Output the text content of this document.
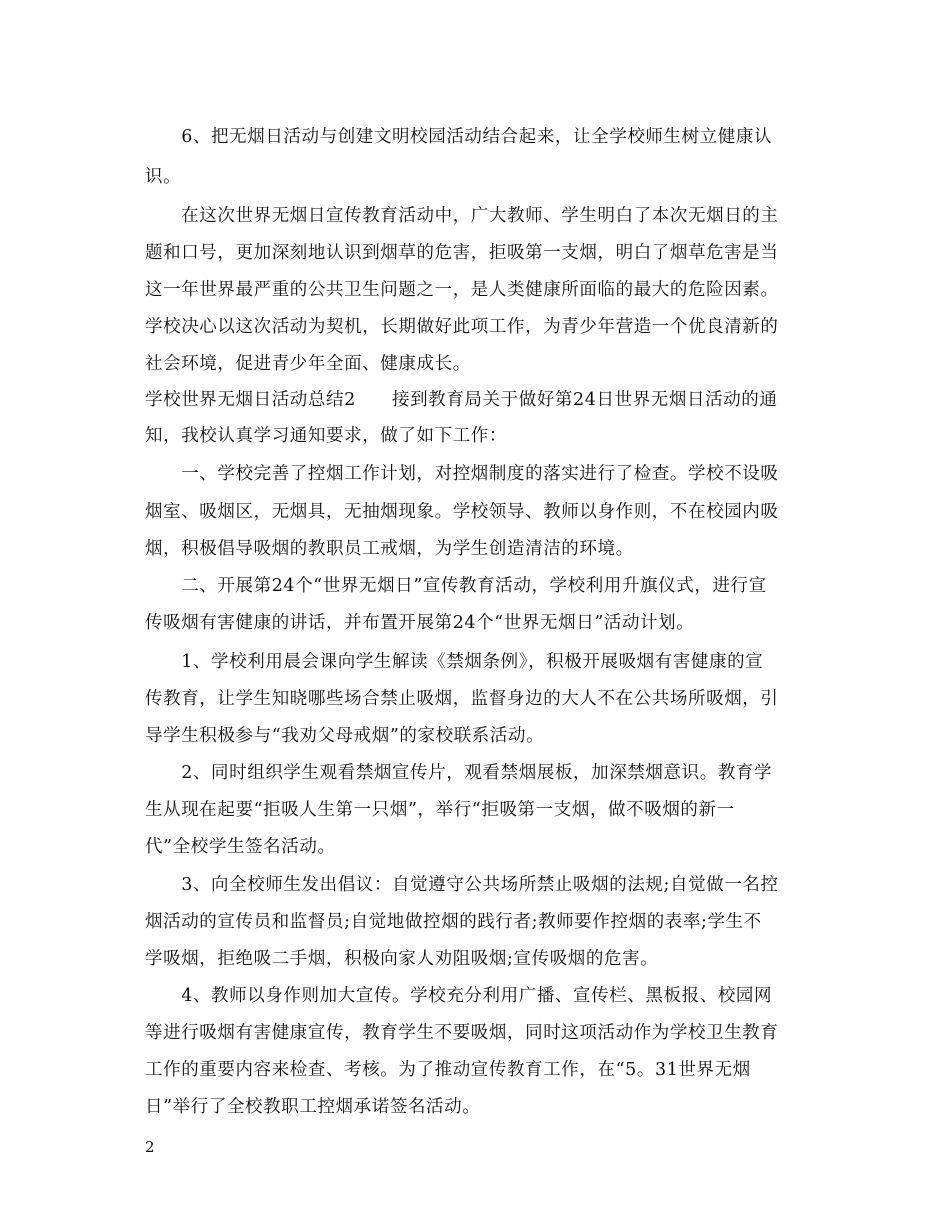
　　6、把无烟日活动与创建文明校园活动结合起来，让全学校师生树立健康认
识。
　　在这次世界无烟日宣传教育活动中，广大教师、学生明白了本次无烟日的主
题和口号，更加深刻地认识到烟草的危害，拒吸第一支烟，明白了烟草危害是当
这一年世界最严重的公共卫生问题之一，是人类健康所面临的最大的危险因素。
学校决心以这次活动为契机，长期做好此项工作，为青少年营造一个优良清新的
社会环境，促进青少年全面、健康成长。
学校世界无烟日活动总结2　　接到教育局关于做好第24日世界无烟日活动的通
知，我校认真学习通知要求，做了如下工作：
　　一、学校完善了控烟工作计划，对控烟制度的落实进行了检查。学校不设吸
烟室、吸烟区，无烟具，无抽烟现象。学校领导、教师以身作则，不在校园内吸
烟，积极倡导吸烟的教职员工戒烟，为学生创造清洁的环境。
　　二、开展第24个“世界无烟日”宣传教育活动，学校利用升旗仪式，进行宣
传吸烟有害健康的讲话，并布置开展第24个“世界无烟日”活动计划。
　　1、学校利用晨会课向学生解读《禁烟条例》，积极开展吸烟有害健康的宣
传教育，让学生知晓哪些场合禁止吸烟，监督身边的大人不在公共场所吸烟，引
导学生积极参与“我劝父母戒烟”的家校联系活动。
　　2、同时组织学生观看禁烟宣传片，观看禁烟展板，加深禁烟意识。教育学
生从现在起要“拒吸人生第一只烟”，举行“拒吸第一支烟，做不吸烟的新一
代”全校学生签名活动。
　　3、向全校师生发出倡议：自觉遵守公共场所禁止吸烟的法规;自觉做一名控
烟活动的宣传员和监督员;自觉地做控烟的践行者;教师要作控烟的表率;学生不
学吸烟，拒绝吸二手烟，积极向家人劝阻吸烟;宣传吸烟的危害。
　　4、教师以身作则加大宣传。学校充分利用广播、宣传栏、黑板报、校园网
等进行吸烟有害健康宣传，教育学生不要吸烟，同时这项活动作为学校卫生教育
工作的重要内容来检查、考核。为了推动宣传教育工作，在“5。31世界无烟
日”举行了全校教职工控烟承诺签名活动。
2
